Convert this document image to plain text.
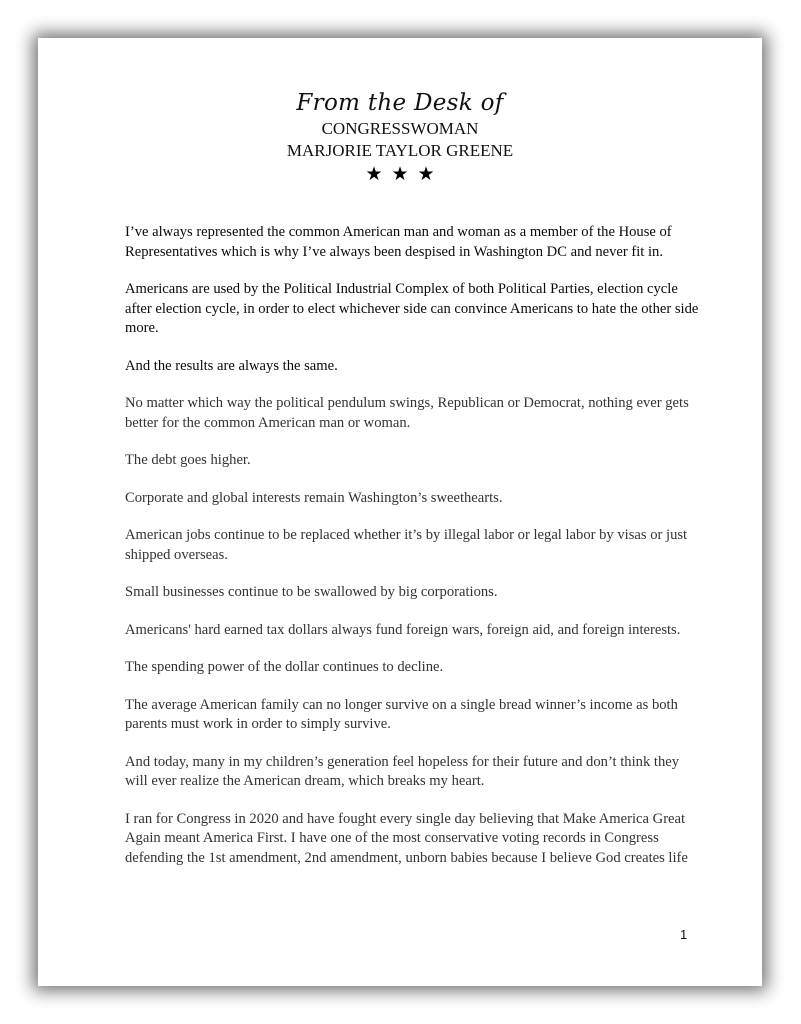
From the Desk of
CONGRESSWOMAN
MARJORIE TAYLOR GREENE
★★★

I’ve always represented the common American man and woman as a member of the House of Representatives which is why I’ve always been despised in Washington DC and never fit in.

Americans are used by the Political Industrial Complex of both Political Parties, election cycle after election cycle, in order to elect whichever side can convince Americans to hate the other side more.

And the results are always the same.

No matter which way the political pendulum swings, Republican or Democrat, nothing ever gets better for the common American man or woman.

The debt goes higher.

Corporate and global interests remain Washington’s sweethearts.

American jobs continue to be replaced whether it’s by illegal labor or legal labor by visas or just shipped overseas.

Small businesses continue to be swallowed by big corporations.

Americans' hard earned tax dollars always fund foreign wars, foreign aid, and foreign interests.

The spending power of the dollar continues to decline.

The average American family can no longer survive on a single bread winner’s income as both parents must work in order to simply survive.

And today, many in my children’s generation feel hopeless for their future and don’t think they will ever realize the American dream, which breaks my heart.

I ran for Congress in 2020 and have fought every single day believing that Make America Great Again meant America First. I have one of the most conservative voting records in Congress defending the 1st amendment, 2nd amendment, unborn babies because I believe God creates life

1
